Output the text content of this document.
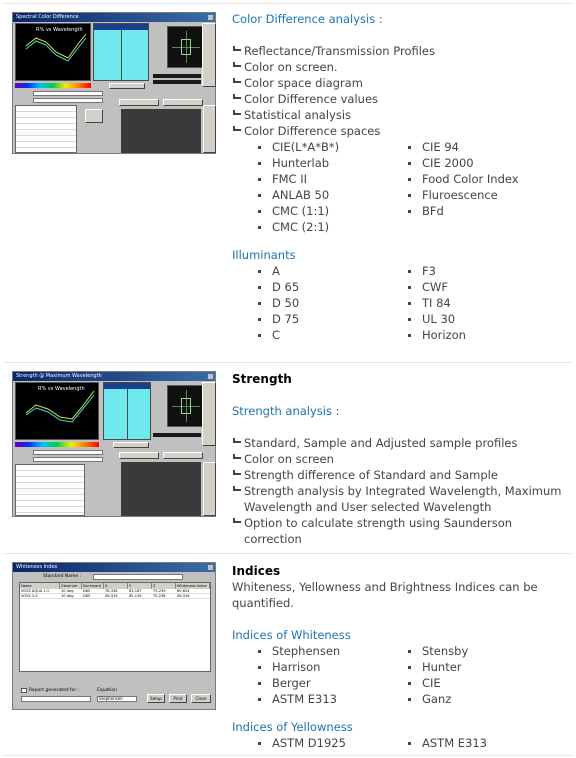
Spectral Color Difference
R% vs Wavelength
Strength @ Maximum Wavelength
R% vs Wavelength
Whiteness Index
Standard Name :
Name	Observer	Illuminant	X	Y	Z	Whiteness Index
VOSS AQUA 1:1	10 deg	D65	78.336	63.187	75.239	60.624
VOSS 1:2	10 deg	D65	56.319	65.139	70.238	56.316
Report generated for :	Equation
Stephensen	Setup	Print	Close
Color Difference analysis :
Reflectance/Transmission Profiles
Color on screen.
Color space diagram
Color Difference values
Statistical analysis
Color Difference spaces
CIE(L*A*B*)	CIE 94
Hunterlab	CIE 2000
FMC II	Food Color Index
ANLAB 50	Fluroescence
CMC (1:1)	BFd
CMC (2:1)
Illuminants
A	F3
D 65	CWF
D 50	TI 84
D 75	UL 30
C	Horizon
Strength
Strength analysis :
Standard, Sample and Adjusted sample profiles
Color on screen
Strength difference of Standard and Sample
Strength analysis by Integrated Wavelength, Maximum Wavelength and User selected Wavelength
Option to calculate strength using Saunderson correction
Indices
Whiteness, Yellowness and Brightness Indices can be quantified.
Indices of Whiteness
Stephensen	Stensby
Harrison	Hunter
Berger	CIE
ASTM E313	Ganz
Indices of Yellowness
ASTM D1925	ASTM E313
